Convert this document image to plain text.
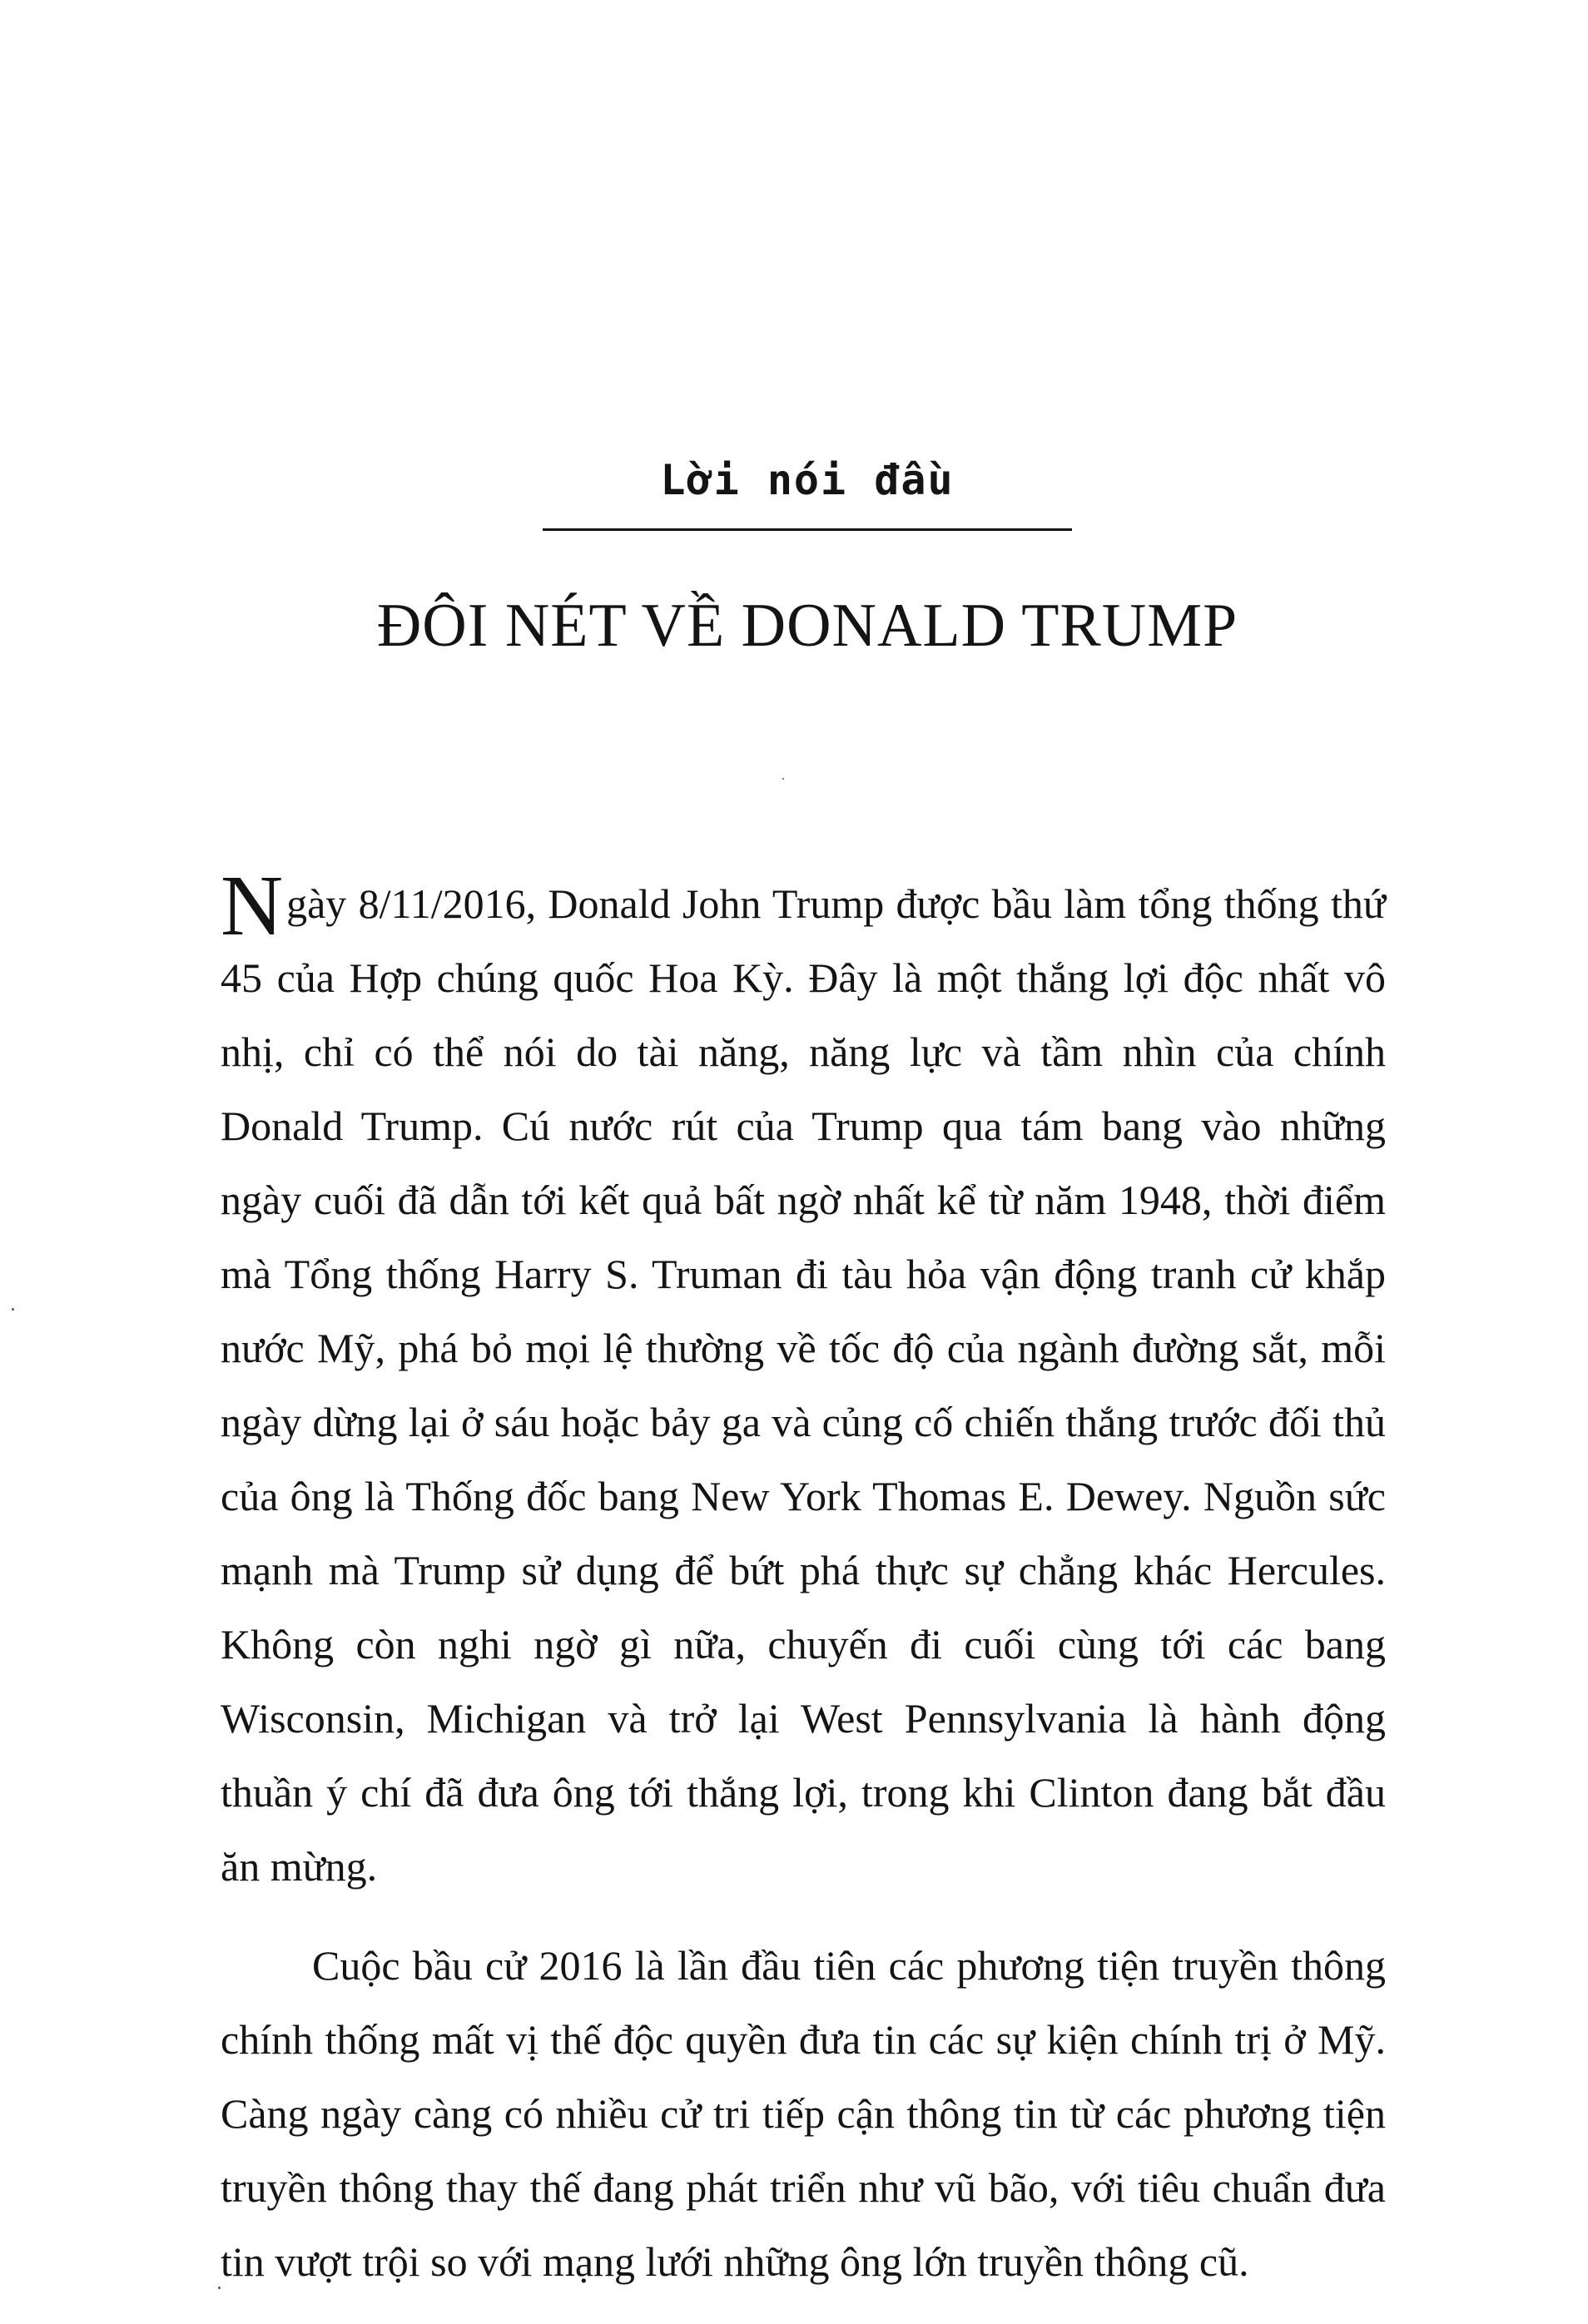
Lời nói đầu
ĐÔI NÉT VỀ DONALD TRUMP

Ngày 8/11/2016, Donald John Trump được bầu làm tổng thống thứ 45 của Hợp chúng quốc Hoa Kỳ. Đây là một thắng lợi độc nhất vô nhị, chỉ có thể nói do tài năng, năng lực và tầm nhìn của chính Donald Trump. Cú nước rút của Trump qua tám bang vào những ngày cuối đã dẫn tới kết quả bất ngờ nhất kể từ năm 1948, thời điểm mà Tổng thống Harry S. Truman đi tàu hỏa vận động tranh cử khắp nước Mỹ, phá bỏ mọi lệ thường về tốc độ của ngành đường sắt, mỗi ngày dừng lại ở sáu hoặc bảy ga và củng cố chiến thắng trước đối thủ của ông là Thống đốc bang New York Thomas E. Dewey. Nguồn sức mạnh mà Trump sử dụng để bứt phá thực sự chẳng khác Hercules. Không còn nghi ngờ gì nữa, chuyến đi cuối cùng tới các bang Wisconsin, Michigan và trở lại West Pennsylvania là hành động thuần ý chí đã đưa ông tới thắng lợi, trong khi Clinton đang bắt đầu ăn mừng.

Cuộc bầu cử 2016 là lần đầu tiên các phương tiện truyền thông chính thống mất vị thế độc quyền đưa tin các sự kiện chính trị ở Mỹ. Càng ngày càng có nhiều cử tri tiếp cận thông tin từ các phương tiện truyền thông thay thế đang phát triển như vũ bão, với tiêu chuẩn đưa tin vượt trội so với mạng lưới những ông lớn truyền thông cũ.
